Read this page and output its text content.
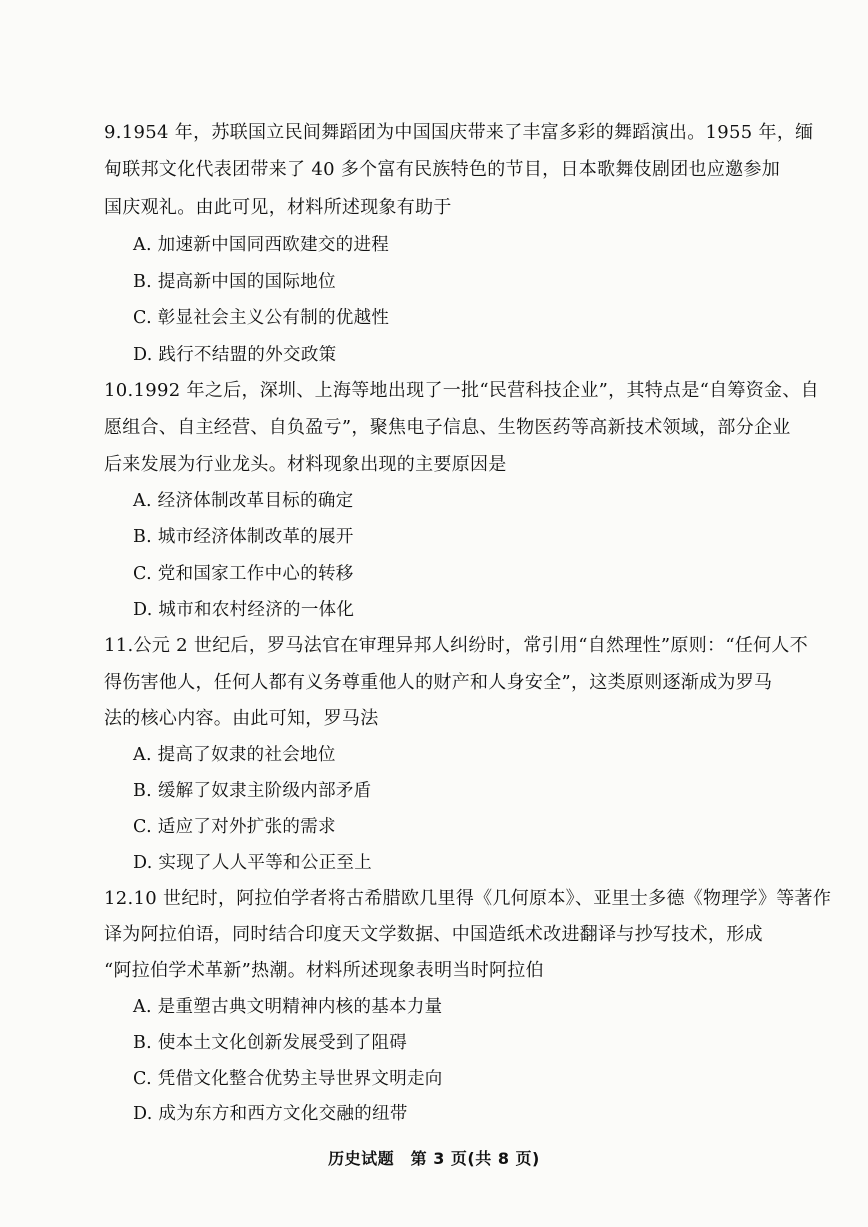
9.1954 年，苏联国立民间舞蹈团为中国国庆带来了丰富多彩的舞蹈演出。1955 年，缅
甸联邦文化代表团带来了 40 多个富有民族特色的节目，日本歌舞伎剧团也应邀参加
国庆观礼。由此可见，材料所述现象有助于
A. 加速新中国同西欧建交的进程
B. 提高新中国的国际地位
C. 彰显社会主义公有制的优越性
D. 践行不结盟的外交政策
10.1992 年之后，深圳、上海等地出现了一批“民营科技企业”，其特点是“自筹资金、自
愿组合、自主经营、自负盈亏”，聚焦电子信息、生物医药等高新技术领域，部分企业
后来发展为行业龙头。材料现象出现的主要原因是
A. 经济体制改革目标的确定
B. 城市经济体制改革的展开
C. 党和国家工作中心的转移
D. 城市和农村经济的一体化
11.公元 2 世纪后，罗马法官在审理异邦人纠纷时，常引用“自然理性”原则：“任何人不
得伤害他人，任何人都有义务尊重他人的财产和人身安全”，这类原则逐渐成为罗马
法的核心内容。由此可知，罗马法
A. 提高了奴隶的社会地位
B. 缓解了奴隶主阶级内部矛盾
C. 适应了对外扩张的需求
D. 实现了人人平等和公正至上
12.10 世纪时，阿拉伯学者将古希腊欧几里得《几何原本》、亚里士多德《物理学》等著作
译为阿拉伯语，同时结合印度天文学数据、中国造纸术改进翻译与抄写技术，形成
“阿拉伯学术革新”热潮。材料所述现象表明当时阿拉伯
A. 是重塑古典文明精神内核的基本力量
B. 使本土文化创新发展受到了阻碍
C. 凭借文化整合优势主导世界文明走向
D. 成为东方和西方文化交融的纽带
历史试题　第 3 页(共 8 页)
